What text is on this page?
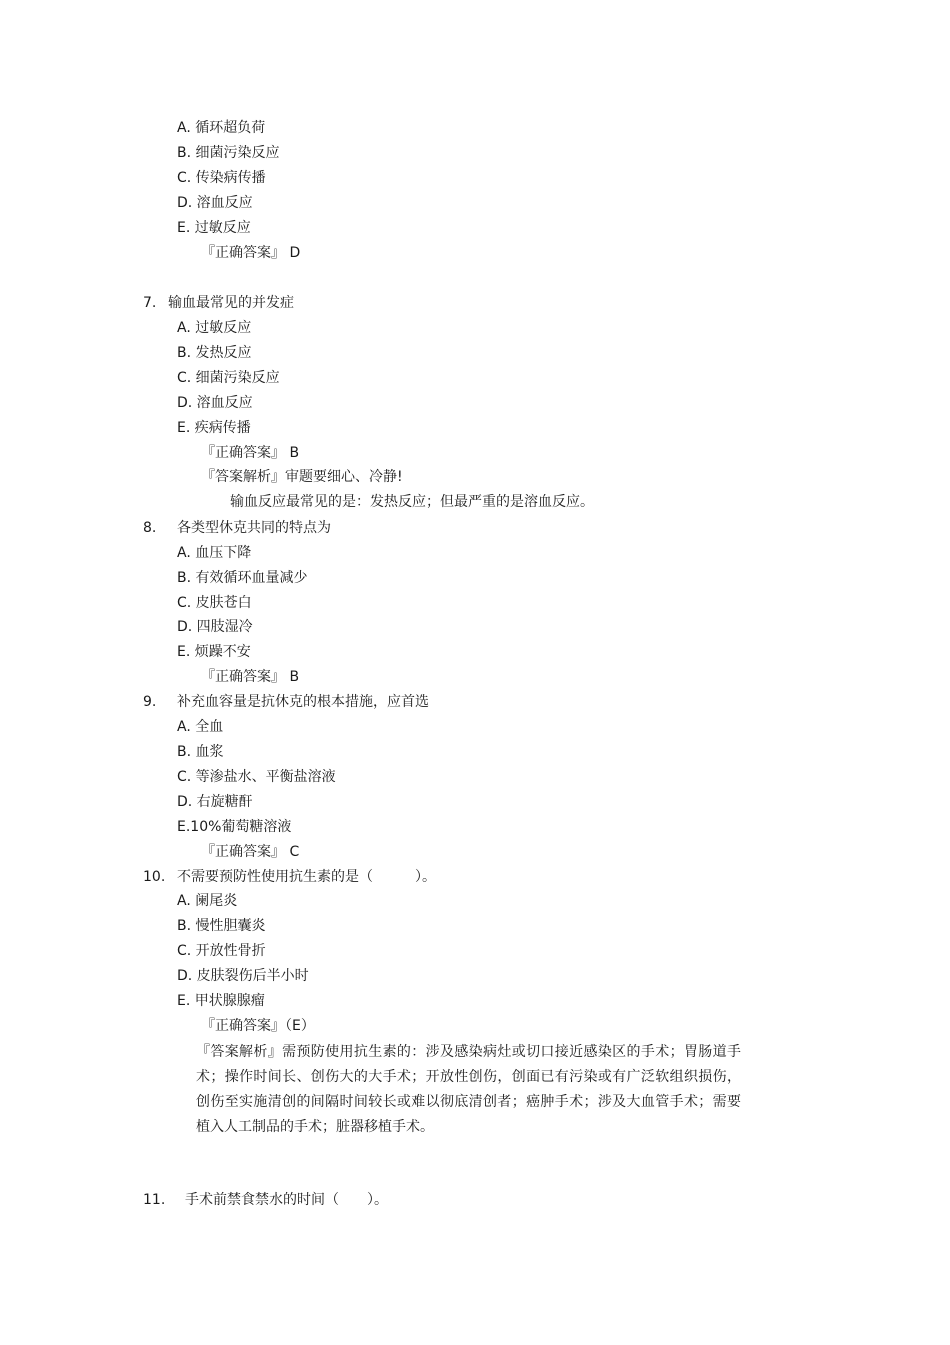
A. 循环超负荷
B. 细菌污染反应
C. 传染病传播
D. 溶血反应
E. 过敏反应
『正确答案』 D
7. 输血最常见的并发症
A. 过敏反应
B. 发热反应
C. 细菌污染反应
D. 溶血反应
E. 疾病传播
『正确答案』 B
『答案解析』审题要细心、冷静!
输血反应最常见的是：发热反应；但最严重的是溶血反应。
8. 各类型休克共同的特点为
A. 血压下降
B. 有效循环血量减少
C. 皮肤苍白
D. 四肢湿冷
E. 烦躁不安
『正确答案』 B
9. 补充血容量是抗休克的根本措施，应首选
A. 全血
B. 血浆
C. 等渗盐水、平衡盐溶液
D. 右旋糖酐
E.10%葡萄糖溶液
『正确答案』 C
10. 不需要预防性使用抗生素的是（　　　）。
A. 阑尾炎
B. 慢性胆囊炎
C. 开放性骨折
D. 皮肤裂伤后半小时
E. 甲状腺腺瘤
『正确答案』（E）
『答案解析』需预防使用抗生素的：涉及感染病灶或切口接近感染区的手术；胃肠道手术；操作时间长、创伤大的大手术；开放性创伤，创面已有污染或有广泛软组织损伤，创伤至实施清创的间隔时间较长或难以彻底清创者；癌肿手术；涉及大血管手术；需要植入人工制品的手术；脏器移植手术。
11. 手术前禁食禁水的时间（　　）。
